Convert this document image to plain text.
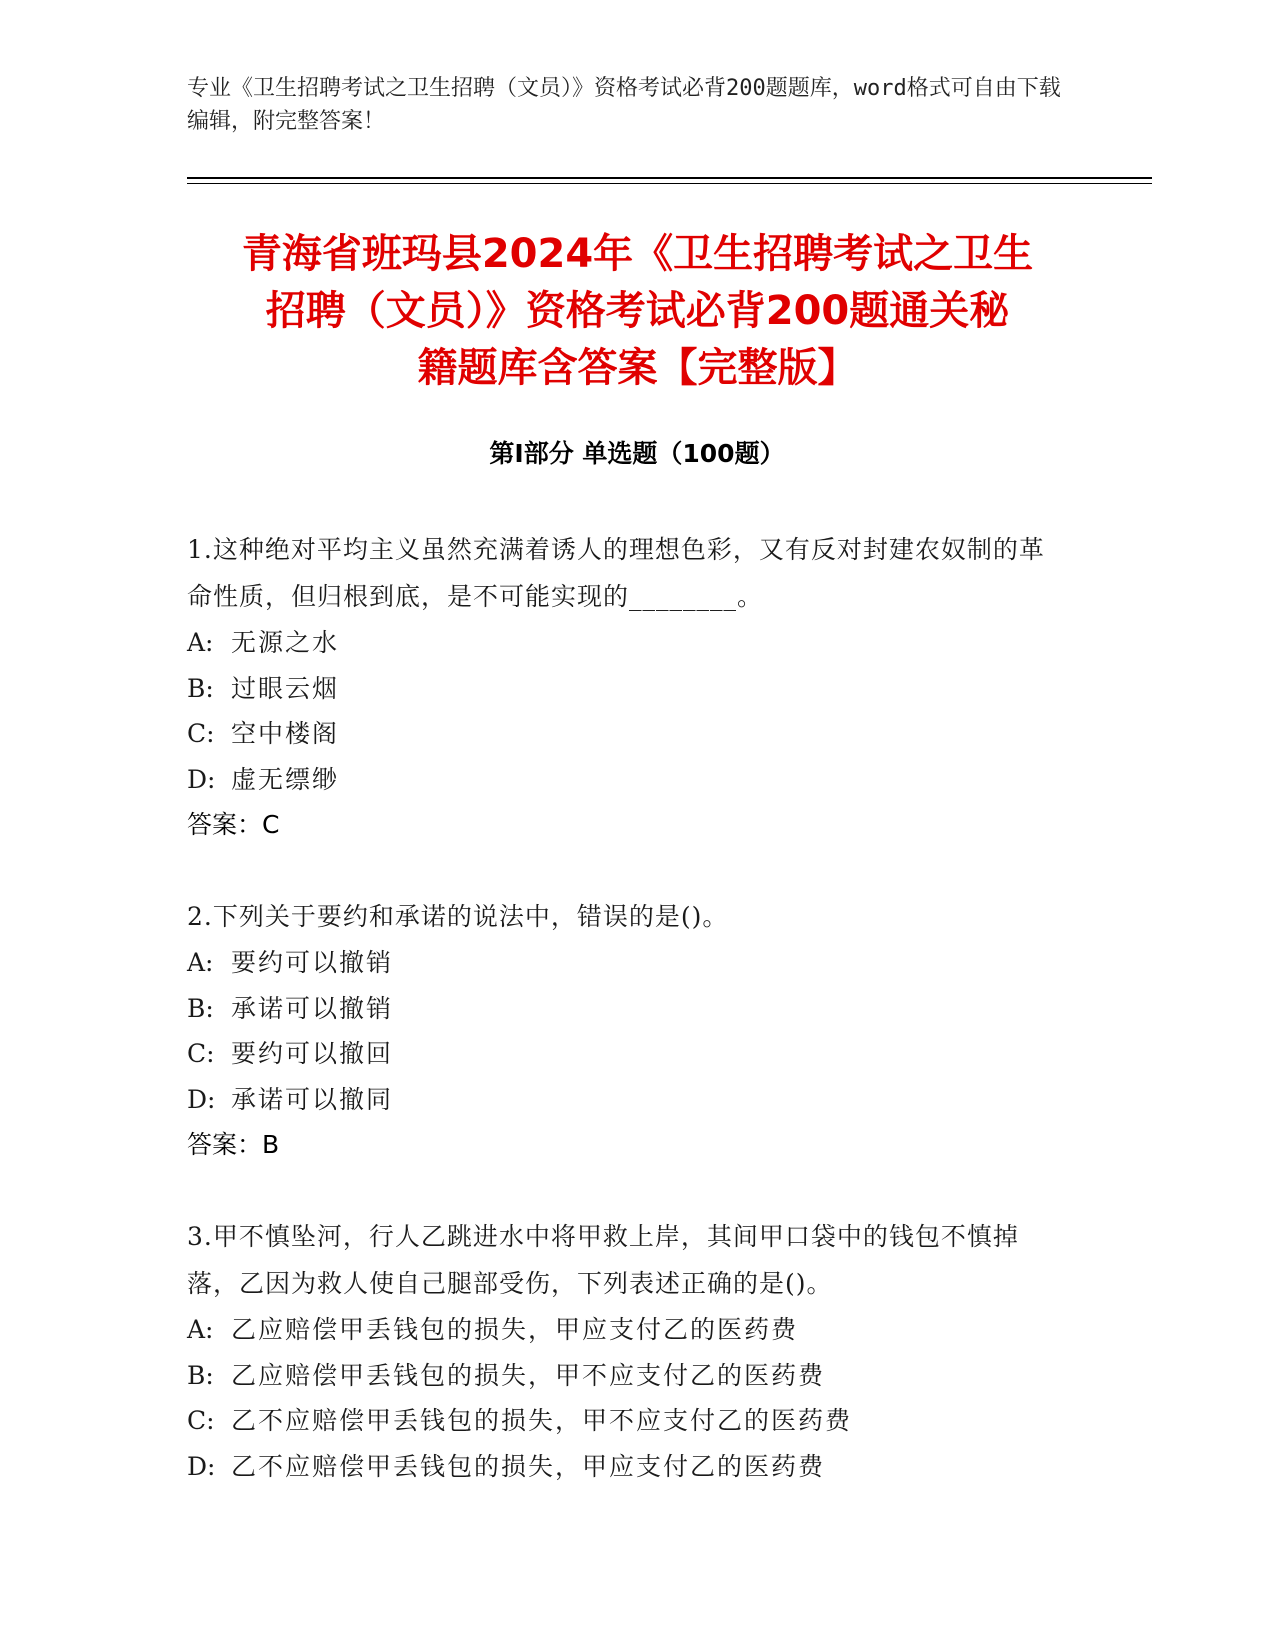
专业《卫生招聘考试之卫生招聘（文员）》资格考试必背200题题库，word格式可自由下载编辑，附完整答案！
青海省班玛县2024年《卫生招聘考试之卫生
招聘（文员）》资格考试必背200题通关秘
籍题库含答案【完整版】
第Ⅰ部分 单选题（100题）
1.这种绝对平均主义虽然充满着诱人的理想色彩，又有反对封建农奴制的革命性质，但归根到底，是不可能实现的________。
A: 无源之水
B: 过眼云烟
C: 空中楼阁
D: 虚无缥缈
答案：C
2.下列关于要约和承诺的说法中，错误的是()。
A: 要约可以撤销
B: 承诺可以撤销
C: 要约可以撤回
D: 承诺可以撤同
答案：B
3.甲不慎坠河，行人乙跳进水中将甲救上岸，其间甲口袋中的钱包不慎掉落，乙因为救人使自己腿部受伤，下列表述正确的是()。
A: 乙应赔偿甲丢钱包的损失，甲应支付乙的医药费
B: 乙应赔偿甲丢钱包的损失，甲不应支付乙的医药费
C: 乙不应赔偿甲丢钱包的损失，甲不应支付乙的医药费
D: 乙不应赔偿甲丢钱包的损失，甲应支付乙的医药费
